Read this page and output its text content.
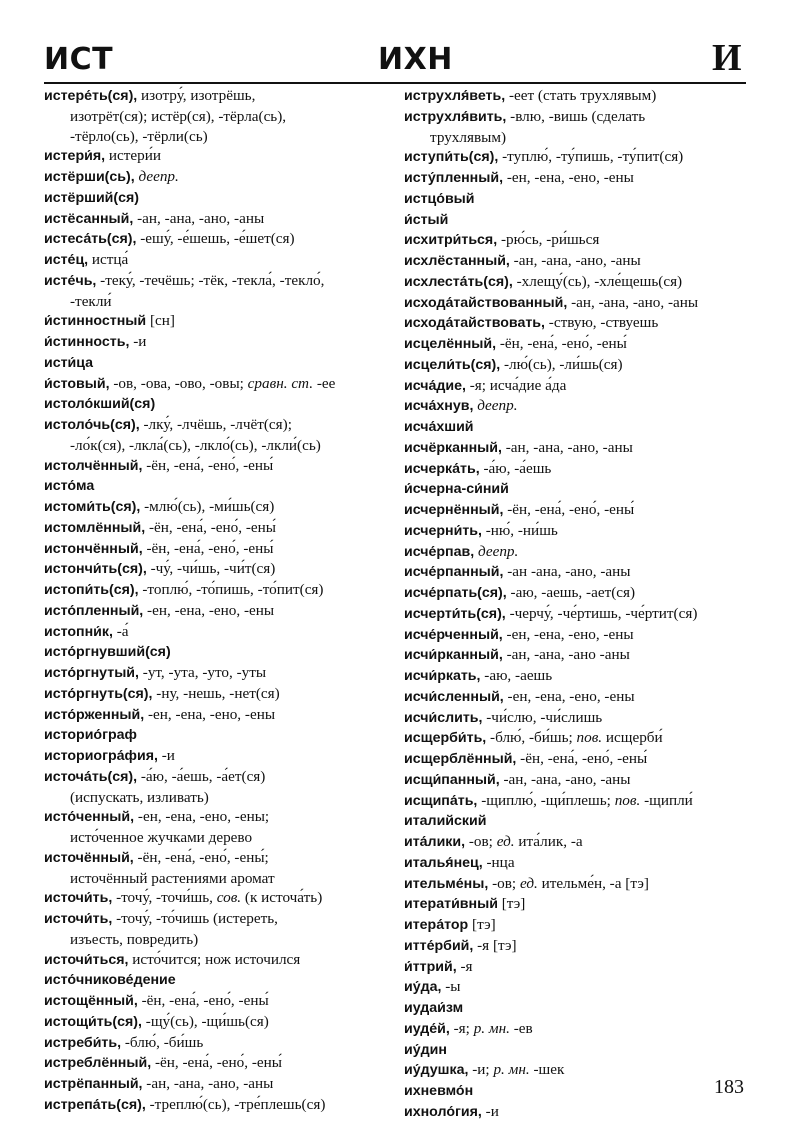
ИСТ	ИХН	И
истере́ть(ся), изотру́, изотрёшь,
изотрёт(ся); истёр(ся), -тёрла(сь),
-тёрло(сь), -тёрли(сь)
истери́я, истери́и
истёрши(сь), деепр.
истёрший(ся)
истёсанный, -ан, -ана, -ано, -аны
истеса́ть(ся), -ешу́, -е́шешь, -е́шет(ся)
исте́ц, истца́
исте́чь, -теку́, -течёшь; -тёк, -текла́, -текло́,
-текли́
и́стинностный [сн]
и́стинность, -и
исти́ца
и́стовый, -ов, -ова, -ово, -овы; сравн. ст. -ее
истоло́кший(ся)
истоло́чь(ся), -лку́, -лчёшь, -лчёт(ся);
-ло́к(ся), -лкла́(сь), -лкло́(сь), -лкли́(сь)
истолчённый, -ён, -ена́, -ено́, -ены́
исто́ма
истоми́ть(ся), -млю́(сь), -ми́шь(ся)
истомлённый, -ён, -ена́, -ено́, -ены́
истончённый, -ён, -ена́, -ено́, -ены́
истончи́ть(ся), -чу́, -чи́шь, -чи́т(ся)
истопи́ть(ся), -топлю́, -то́пишь, -то́пит(ся)
исто́пленный, -ен, -ена, -ено, -ены
истопни́к, -а́
исто́ргнувший(ся)
исто́ргнутый, -ут, -ута, -уто, -уты
исто́ргнуть(ся), -ну, -нешь, -нет(ся)
исто́рженный, -ен, -ена, -ено, -ены
историо́граф
историогра́фия, -и
источа́ть(ся), -а́ю, -а́ешь, -а́ет(ся)
(испускать, изливать)
исто́ченный, -ен, -ена, -ено, -ены;
исто́ченное жучками дерево
источённый, -ён, -ена́, -ено́, -ены́;
источённый растениями аромат
источи́ть, -точу́, -точи́шь, сов. (к источа́ть)
источи́ть, -точу́, -то́чишь (истереть,
изъесть, повредить)
источи́ться, исто́чится; нож источился
исто́чникове́дение
истощённый, -ён, -ена́, -ено́, -ены́
истощи́ть(ся), -щу́(сь), -щи́шь(ся)
истреби́ть, -блю́, -би́шь
истреблённый, -ён, -ена́, -ено́, -ены́
истрёпанный, -ан, -ана, -ано, -аны
истрепа́ть(ся), -треплю́(сь), -тре́плешь(ся)
иструхля́веть, -еет (стать трухлявым)
иструхля́вить, -влю, -вишь (сделать
трухлявым)
иступи́ть(ся), -туплю́, -ту́пишь, -ту́пит(ся)
исту́пленный, -ен, -ена, -ено, -ены
истцо́вый
и́стый
исхитри́ться, -рю́сь, -ри́шься
исхлёстанный, -ан, -ана, -ано, -аны
исхлеста́ть(ся), -хлещу́(сь), -хле́щешь(ся)
исхода́тайствованный, -ан, -ана, -ано, -аны
исхода́тайствовать, -ствую, -ствуешь
исцелённый, -ён, -ена́, -ено́, -ены́
исцели́ть(ся), -лю́(сь), -ли́шь(ся)
исча́дие, -я; исча́дие а́да
исча́хнув, деепр.
исча́хший
исчёрканный, -ан, -ана, -ано, -аны
исчерка́ть, -а́ю, -а́ешь
и́счерна-си́ний
исчернённый, -ён, -ена́, -ено́, -ены́
исчерни́ть, -ню́, -ни́шь
исче́рпав, деепр.
исче́рпанный, -ан -ана, -ано, -аны
исче́рпать(ся), -аю, -аешь, -ает(ся)
исчерти́ть(ся), -черчу́, -че́ртишь, -че́ртит(ся)
исче́рченный, -ен, -ена, -ено, -ены
исчи́рканный, -ан, -ана, -ано -аны
исчи́ркать, -аю, -аешь
исчи́сленный, -ен, -ена, -ено, -ены
исчи́слить, -чи́слю, -чи́слишь
исщерби́ть, -блю́, -би́шь; пов. исщерби́
исщерблённый, -ён, -ена́, -ено́, -ены́
исщи́панный, -ан, -ана, -ано, -аны
исщипа́ть, -щиплю́, -щи́плешь; пов. -щипли́
италийский
ита́лики, -ов; ед. ита́лик, -а
италья́нец, -нца
ительме́ны, -ов; ед. ительме́н, -а [тэ]
итерати́вный [тэ]
итера́тор [тэ]
итте́рбий, -я [тэ]
и́ттрий, -я
иу́да, -ы
иудаи́зм
иуде́й, -я; р. мн. -ев
иу́дин
иу́душка, -и; р. мн. -шек
ихневмо́н
ихноло́гия, -и
183
